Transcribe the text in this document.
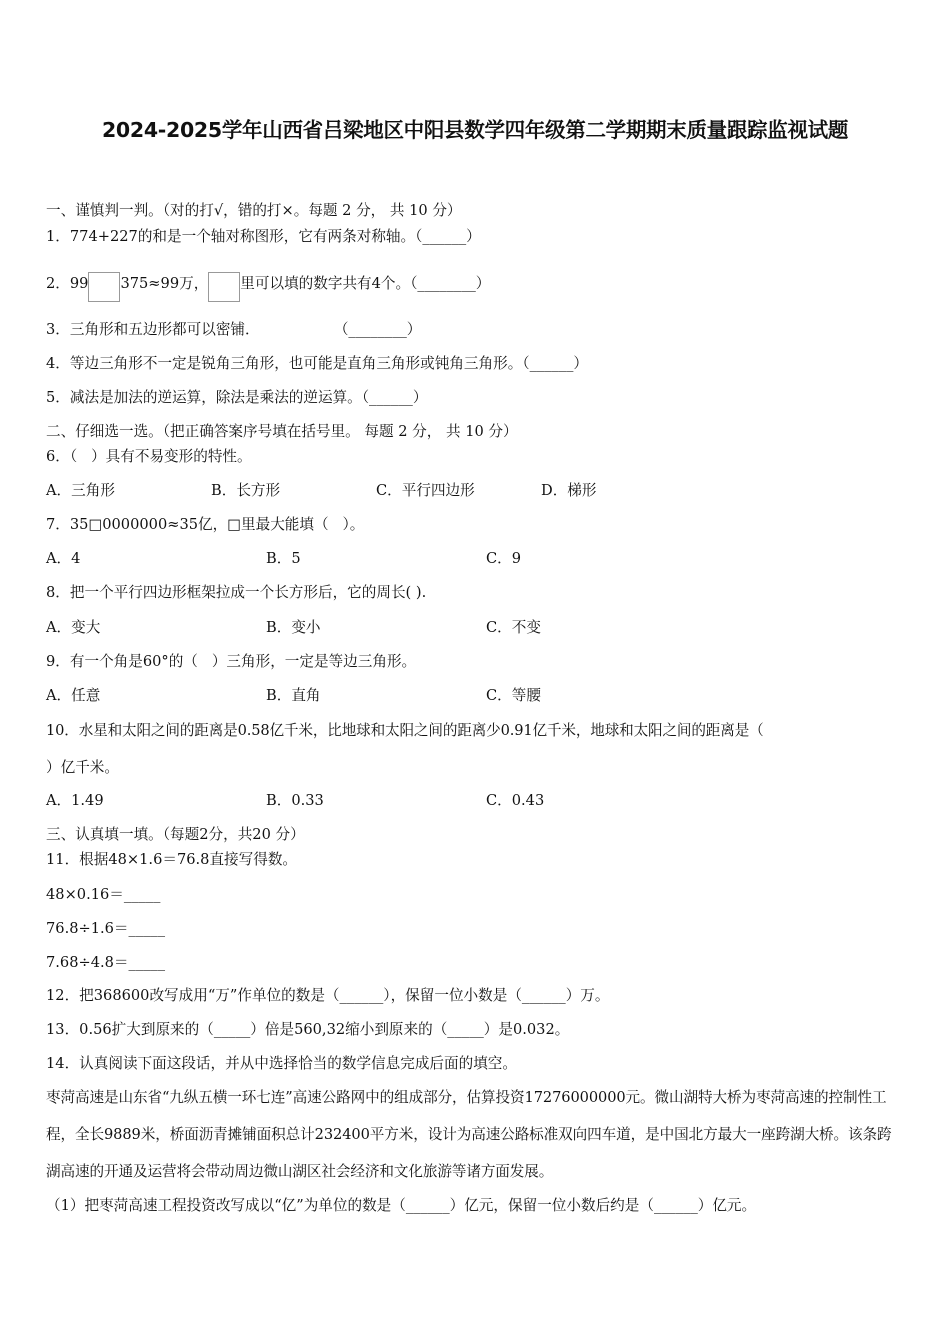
2024-2025学年山西省吕梁地区中阳县数学四年级第二学期期末质量跟踪监视试题
一、谨慎判一判。（对的打√，错的打×。每题 2 分， 共 10 分）
1．774+227的和是一个轴对称图形，它有两条对称轴。（______）
2．99 375≈99万， 里可以填的数字共有4个。（________）
3．三角形和五边形都可以密铺．                （________）
4．等边三角形不一定是锐角三角形，也可能是直角三角形或钝角三角形。（______）
5．减法是加法的逆运算，除法是乘法的逆运算。（______）
二、仔细选一选。（把正确答案序号填在括号里。 每题 2 分， 共 10 分）
6．（   ）具有不易变形的特性。
A．三角形	B．长方形	C．平行四边形	D．梯形
7．35□0000000≈35亿，□里最大能填（   ）。
A．4	B．5	C．9
8．把一个平行四边形框架拉成一个长方形后，它的周长( ).
A．变大	B．变小	C．不变
9．有一个角是60°的（   ）三角形，一定是等边三角形。
A．任意	B．直角	C．等腰
10．水星和太阳之间的距离是0.58亿千米，比地球和太阳之间的距离少0.91亿千米，地球和太阳之间的距离是（
）亿千米。
A．1.49	B．0.33	C．0.43
三、认真填一填。（每题2分，共20 分）
11．根据48×1.6＝76.8直接写得数。
48×0.16＝_____
76.8÷1.6＝_____
7.68÷4.8＝_____
12．把368600改写成用“万”作单位的数是（______），保留一位小数是（______）万。
13．0.56扩大到原来的（_____）倍是560,32缩小到原来的（_____）是0.032。
14．认真阅读下面这段话，并从中选择恰当的数学信息完成后面的填空。
枣菏高速是山东省“九纵五横一环七连”高速公路网中的组成部分，估算投资17276000000元。微山湖特大桥为枣菏高速的控制性工程，全长9889米，桥面沥青摊铺面积总计232400平方米，设计为高速公路标准双向四车道，是中国北方最大一座跨湖大桥。该条跨湖高速的开通及运营将会带动周边微山湖区社会经济和文化旅游等诸方面发展。
（1）把枣菏高速工程投资改写成以“亿”为单位的数是（______）亿元，保留一位小数后约是（______）亿元。
